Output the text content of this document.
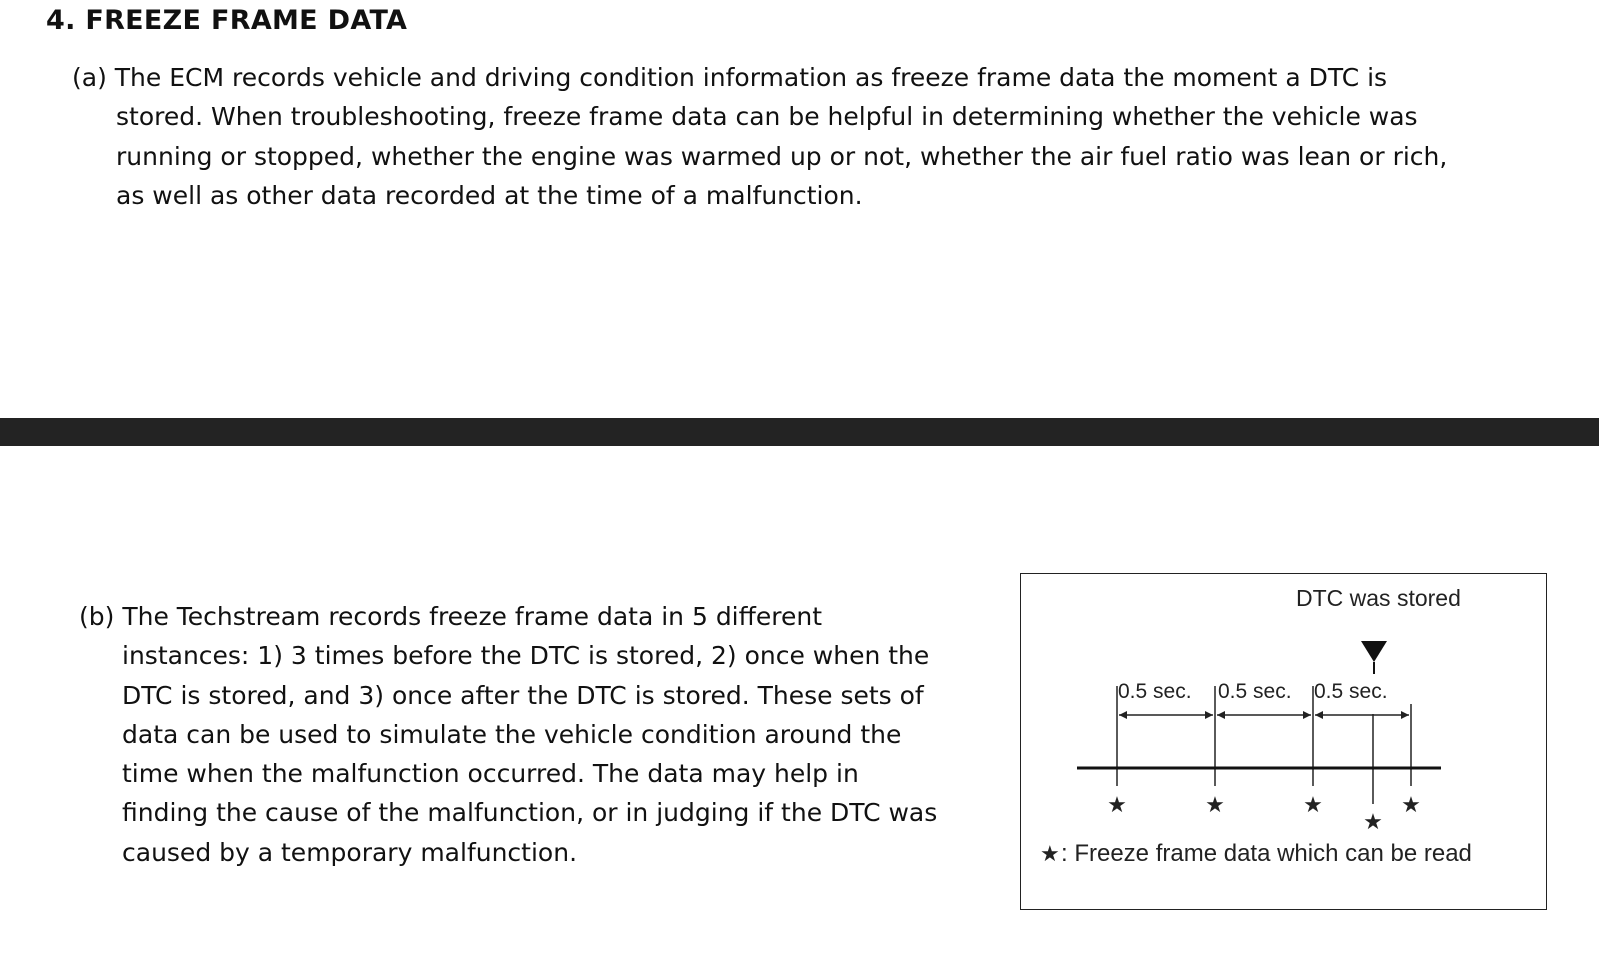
4. FREEZE FRAME DATA

(a) The ECM records vehicle and driving condition information as freeze frame data the moment a DTC is
stored. When troubleshooting, freeze frame data can be helpful in determining whether the vehicle was
running or stopped, whether the engine was warmed up or not, whether the air fuel ratio was lean or rich,
as well as other data recorded at the time of a malfunction.

(b) The Techstream records freeze frame data in 5 different
instances: 1) 3 times before the DTC is stored, 2) once when the
DTC is stored, and 3) once after the DTC is stored. These sets of
data can be used to simulate the vehicle condition around the
time when the malfunction occurred. The data may help in
finding the cause of the malfunction, or in judging if the DTC was
caused by a temporary malfunction.

DTC was stored
0.5 sec. 0.5 sec. 0.5 sec.
★	★	★
★
★
★ : Freeze frame data which can be read
